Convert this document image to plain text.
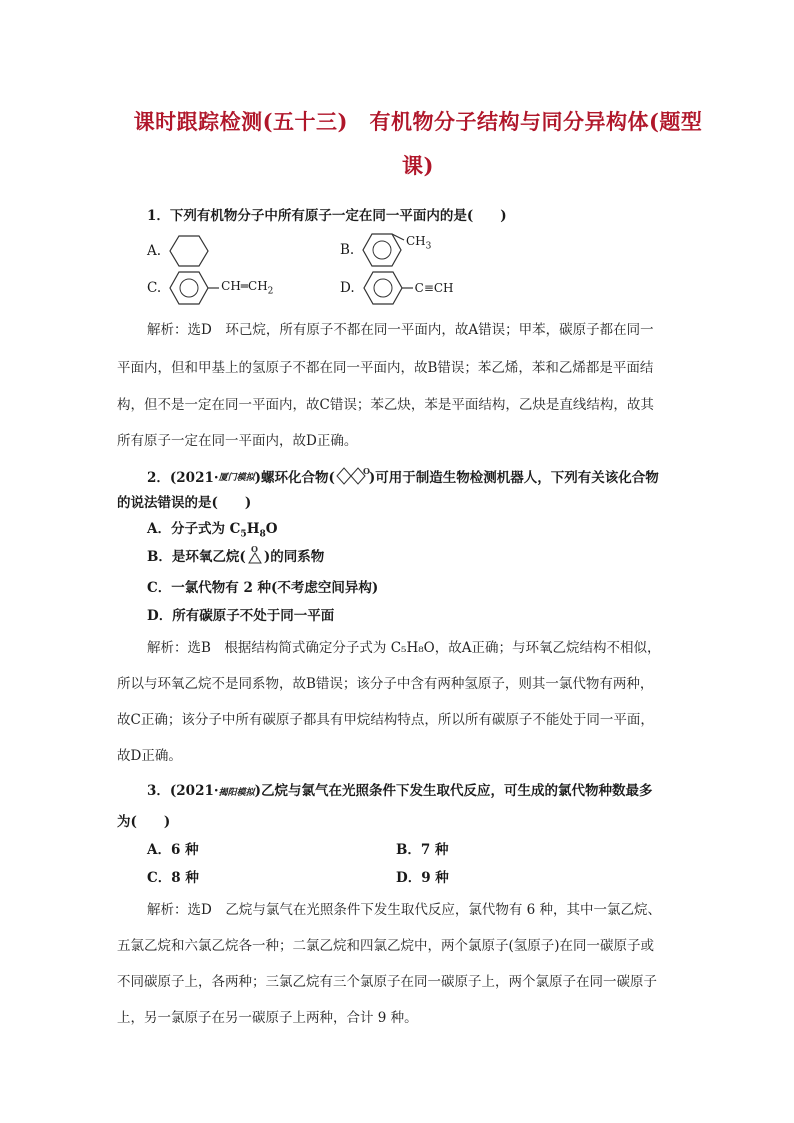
课时跟踪检测(五十三)　有机物分子结构与同分异构体(题型
课)
1．下列有机物分子中所有原子一定在同一平面内的是(　　)
A.	B.
$CH_3$
C.	$CH═CH_2$	D.	C≡CH
解析：选D　环己烷，所有原子不都在同一平面内，故A错误；甲苯，碳原子都在同一
平面内，但和甲基上的氢原子不都在同一平面内，故B错误；苯乙烯，苯和乙烯都是平面结
构，但不是一定在同一平面内，故C错误；苯乙炔，苯是平面结构，乙炔是直线结构，故其
所有原子一定在同一平面内，故D正确。
2．(2021· 厦门模拟 )螺环化合物(	O )可用于制造生物检测机器人，下列有关该化合物
的说法错误的是(　　)
A．分子式为 $C_5H_8O$
B．是环氧乙烷( O )的同系物
C．一氯代物有 2 种(不考虑空间异构)
D．所有碳原子不处于同一平面
解析：选B　根据结构简式确定分子式为 C₅H₈O，故A正确；与环氧乙烷结构不相似，
所以与环氧乙烷不是同系物，故B错误；该分子中含有两种氢原子，则其一氯代物有两种，
故C正确；该分子中所有碳原子都具有甲烷结构特点，所以所有碳原子不能处于同一平面，
故D正确。
3．(2021·揭阳模拟)乙烷与氯气在光照条件下发生取代反应，可生成的氯代物种数最多
为(　　)
A．6 种	B．7 种
C．8 种	D．9 种
解析：选D　乙烷与氯气在光照条件下发生取代反应，氯代物有 6 种，其中一氯乙烷、
五氯乙烷和六氯乙烷各一种；二氯乙烷和四氯乙烷中，两个氯原子(氢原子)在同一碳原子或
不同碳原子上，各两种；三氯乙烷有三个氯原子在同一碳原子上，两个氯原子在同一碳原子
上，另一氯原子在另一碳原子上两种，合计 9 种。
